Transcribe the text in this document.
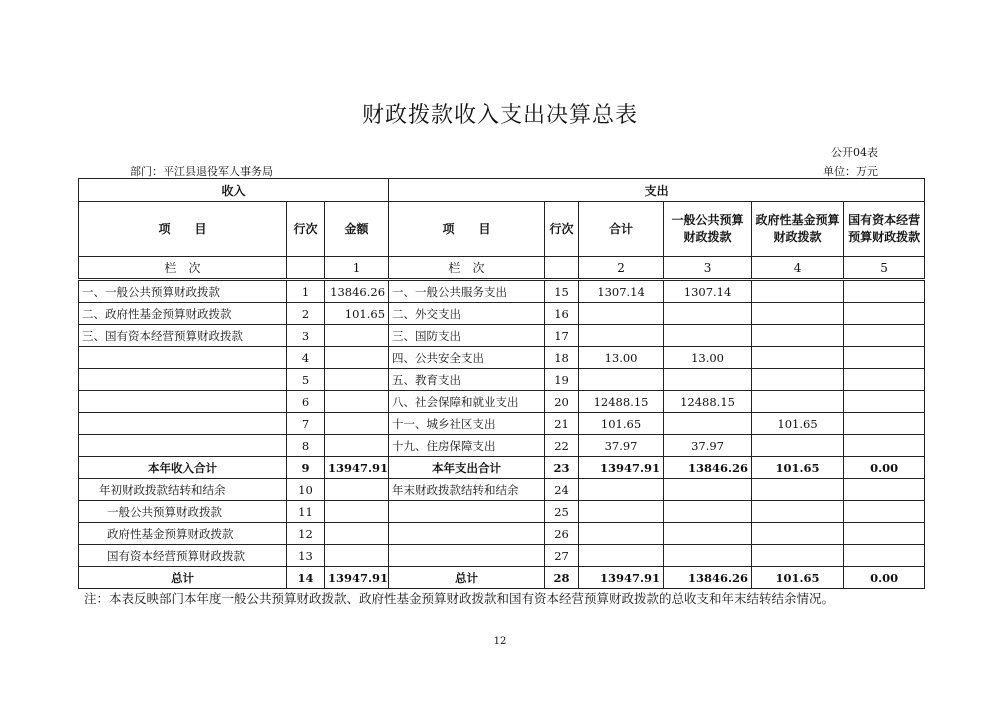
财政拨款收入支出决算总表
公开04表
部门：平江县退役军人事务局	单位：万元
收入			支出					
项　　目	行次	金额	项　　目	行次	合计	一般公共预算财政拨款	政府性基金预算财政拨款	国有资本经营预算财政拨款
栏　次		1	栏　次		2	3	4	5
一、一般公共预算财政拨款	1	13846.26	一、一般公共服务支出	15	1307.14	1307.14		
二、政府性基金预算财政拨款	2	101.65	二、外交支出	16				
三、国有资本经营预算财政拨款	3		三、国防支出	17				
	4		四、公共安全支出	18	13.00	13.00		
	5		五、教育支出	19				
	6		八、社会保障和就业支出	20	12488.15	12488.15		
	7		十一、城乡社区支出	21	101.65		101.65	
	8		十九、住房保障支出	22	37.97	37.97		
本年收入合计	9	13947.91	本年支出合计	23	13947.91	13846.26	101.65	0.00
年初财政拨款结转和结余	10		年末财政拨款结转和结余	24				
一般公共预算财政拨款	11			25				
政府性基金预算财政拨款	12			26				
国有资本经营预算财政拨款	13			27				
总计	14	13947.91	总计	28	13947.91	13846.26	101.65	0.00
注：本表反映部门本年度一般公共预算财政拨款、政府性基金预算财政拨款和国有资本经营预算财政拨款的总收支和年末结转结余情况。
12
